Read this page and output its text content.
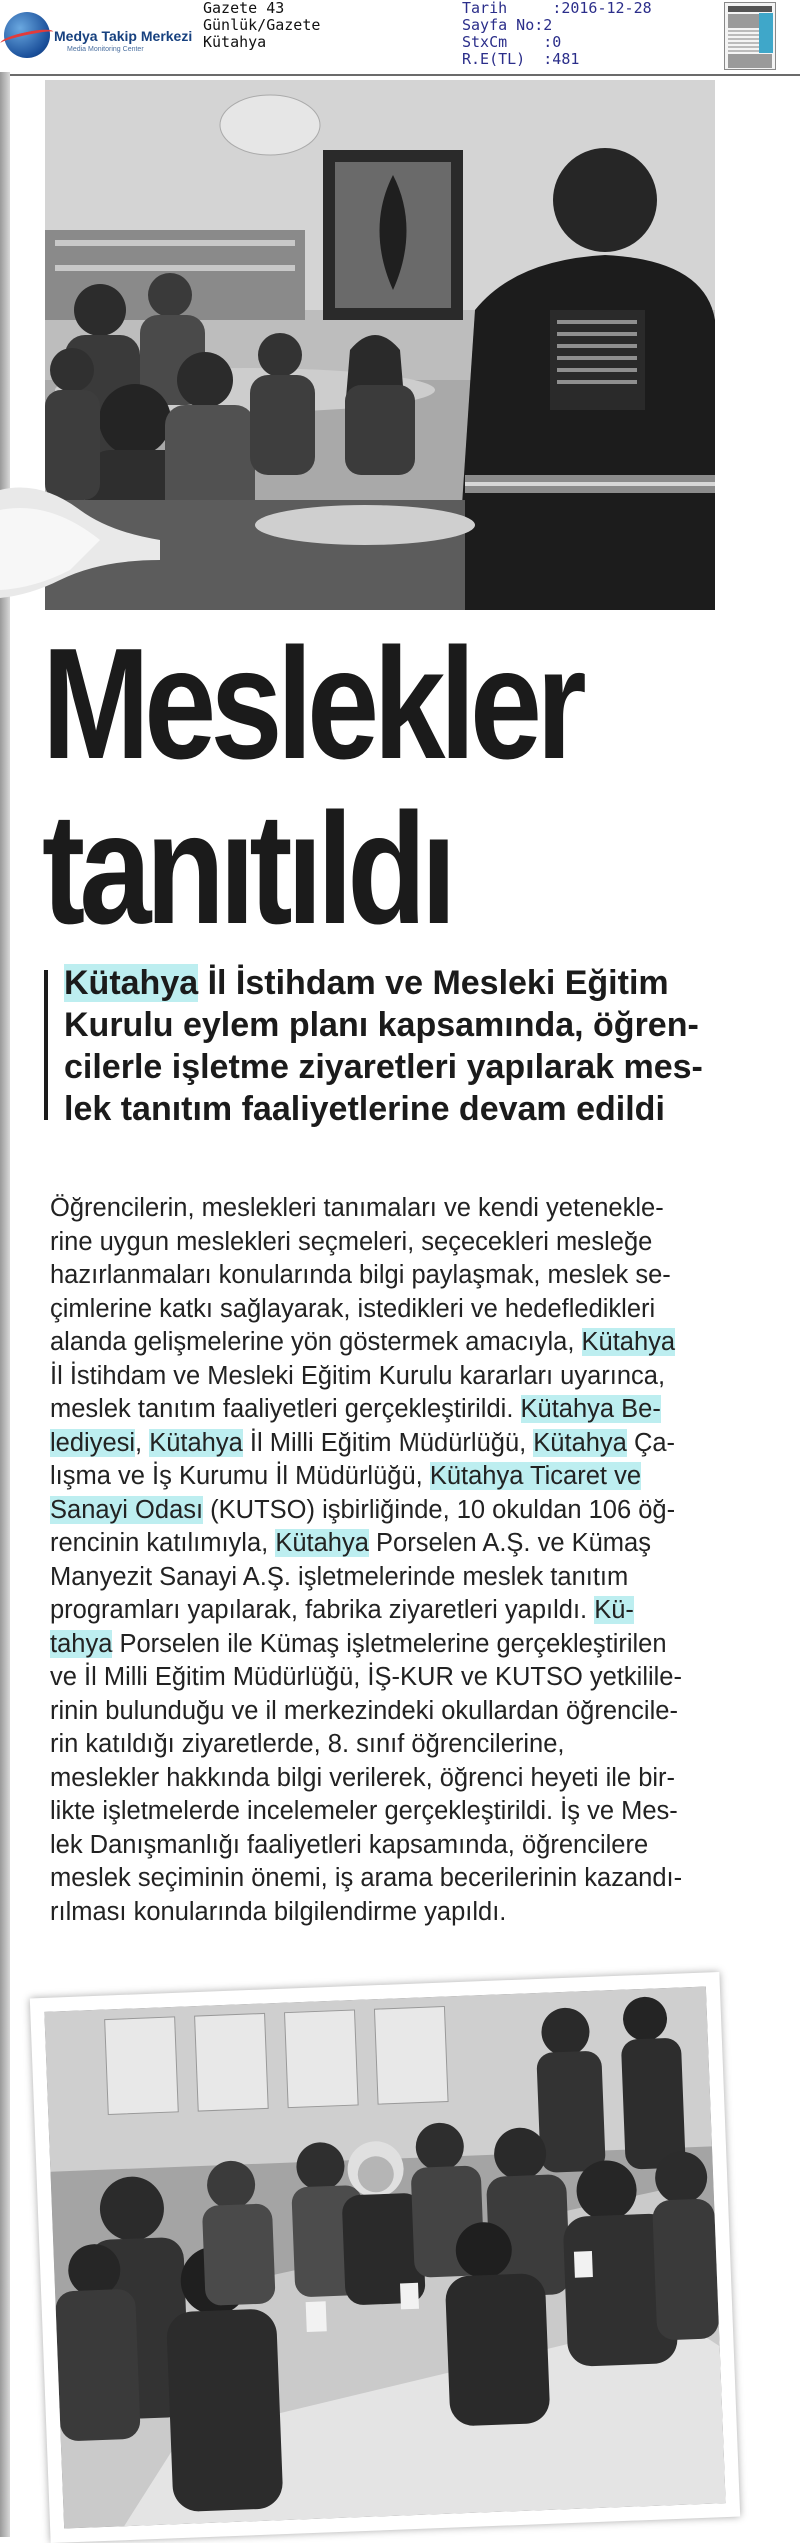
Medya Takip Merkezi
Media Monitoring Center
Gazete 43
Günlük/Gazete
Kütahya
Tarih     :2016-12-28
Sayfa No:2
StxCm    :0
R.E(TL)  :481
Meslekler
tanıtıldı
Kütahya İl İstihdam ve Mesleki Eğitim
Kurulu eylem planı kapsamında, öğren-
cilerle işletme ziyaretleri yapılarak mes-
lek tanıtım faaliyetlerine devam edildi
Öğrencilerin, meslekleri tanımaları ve kendi yetenekle-
rine uygun meslekleri seçmeleri, seçecekleri mesleğe
hazırlanmaları konularında bilgi paylaşmak, meslek se-
çimlerine katkı sağlayarak, istedikleri ve hedefledikleri
alanda gelişmelerine yön göstermek amacıyla, Kütahya
İl İstihdam ve Mesleki Eğitim Kurulu kararları uyarınca,
meslek tanıtım faaliyetleri gerçekleştirildi. Kütahya Be-
lediyesi, Kütahya İl Milli Eğitim Müdürlüğü, Kütahya Ça-
lışma ve İş Kurumu İl Müdürlüğü, Kütahya Ticaret ve
Sanayi Odası (KUTSO) işbirliğinde, 10 okuldan 106 öğ-
rencinin katılımıyla, Kütahya Porselen A.Ş. ve Kümaş
Manyezit Sanayi A.Ş. işletmelerinde meslek tanıtım
programları yapılarak, fabrika ziyaretleri yapıldı. Kü-
tahya Porselen ile Kümaş işletmelerine gerçekleştirilen
ve İl Milli Eğitim Müdürlüğü, İŞ-KUR ve KUTSO yetkilile-
rinin bulunduğu ve il merkezindeki okullardan öğrencile-
rin katıldığı ziyaretlerde, 8. sınıf öğrencilerine,
meslekler hakkında bilgi verilerek, öğrenci heyeti ile bir-
likte işletmelerde incelemeler gerçekleştirildi. İş ve Mes-
lek Danışmanlığı faaliyetleri kapsamında, öğrencilere
meslek seçiminin önemi, iş arama becerilerinin kazandı-
rılması konularında bilgilendirme yapıldı.
